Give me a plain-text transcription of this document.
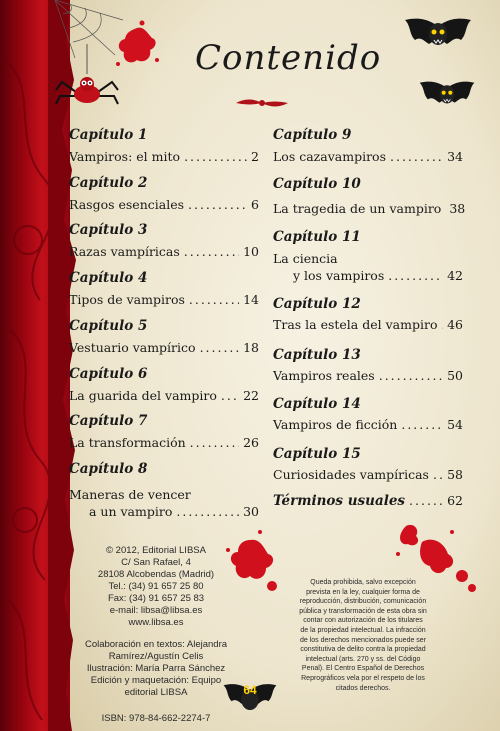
Contenido
Capítulo 1
Vampiros: el mito .....	2
Capítulo 2
Rasgos esenciales .....	6
Capítulo 3
Razas vampíricas .....	10
Capítulo 4
Tipos de vampiros .....	14
Capítulo 5
Vestuario vampírico .....	18
Capítulo 6
La guarida del vampiro ..... 22
Capítulo 7
La transformación .....	26
Capítulo 8
Maneras de vencer
a un vampiro .....	30
Capítulo 9
Los cazavampiros .....	34
Capítulo 10
La tragedia de un vampiro 38
Capítulo 11
La ciencia
y los vampiros .....	42
Capítulo 12
Tras la estela del vampiro ..... 46
Capítulo 13
Vampiros reales .....	50
Capítulo 14
Vampiros de ficción .....	54
Capítulo 15
Curiosidades vampíricas ..... 58
Términos usuales .....	62
© 2012, Editorial LIBSA
C/ San Rafael, 4
28108 Alcobendas (Madrid)
Tel.: (34) 91 657 25 80
Fax: (34) 91 657 25 83
e-mail: libsa@libsa.es
www.libsa.es
Colaboración en textos: Alejandra
Ramírez/Agustín Celis
Ilustración: María Parra Sánchez
Edición y maquetación: Equipo
editorial LIBSA
ISBN: 978-84-662-2274-7
Queda prohibida, salvo excepción
prevista en la ley, cualquier forma de
reproducción, distribución, comunicación
pública y transformación de esta obra sin
contar con autorización de los titulares
de la propiedad intelectual. La infracción
de los derechos mencionados puede ser
constitutiva de delito contra la propiedad
intelectual (arts. 270 y ss. del Código
Penal). El Centro Español de Derechos
Reprográficos vela por el respeto de los
citados derechos.
64
